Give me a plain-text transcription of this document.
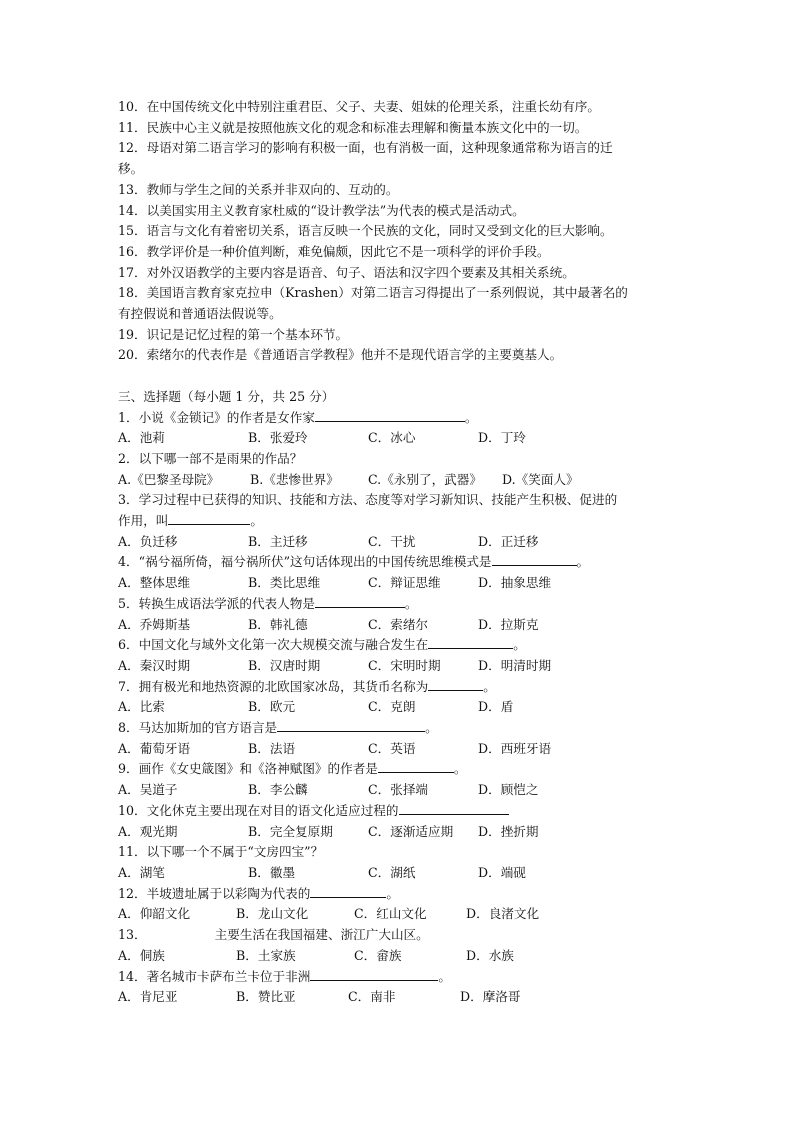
10．在中国传统文化中特别注重君臣、父子、夫妻、姐妹的伦理关系，注重长幼有序。
11．民族中心主义就是按照他族文化的观念和标准去理解和衡量本族文化中的一切。
12．母语对第二语言学习的影响有积极一面，也有消极一面，这种现象通常称为语言的迁
移。
13．教师与学生之间的关系并非双向的、互动的。
14．以美国实用主义教育家杜威的“设计教学法”为代表的模式是活动式。
15．语言与文化有着密切关系，语言反映一个民族的文化，同时又受到文化的巨大影响。
16．教学评价是一种价值判断，难免偏颇，因此它不是一项科学的评价手段。
17．对外汉语教学的主要内容是语音、句子、语法和汉字四个要素及其相关系统。
18．美国语言教育家克拉申（Krashen）对第二语言习得提出了一系列假说，其中最著名的
有控假说和普通语法假说等。
19．识记是记忆过程的第一个基本环节。
20．索绪尔的代表作是《普通语言学教程》他并不是现代语言学的主要奠基人。
三、选择题（每小题 1 分，共 25 分）
1．小说《金锁记》的作者是女作家	。
A．池莉	B．张爱玲	C．冰心	D．丁玲
2．以下哪一部不是雨果的作品？
A.《巴黎圣母院》	B.《悲惨世界》	C.《永别了，武器》	D.《笑面人》
3．学习过程中已获得的知识、技能和方法、态度等对学习新知识、技能产生积极、促进的
作用，叫	。
A．负迁移	B．主迁移	C．干扰	D．正迁移
4．“祸兮福所倚，福兮祸所伏”这句话体现出的中国传统思维模式是	。
A．整体思维	B．类比思维	C．辩证思维	D．抽象思维
5．转换生成语法学派的代表人物是	。
A．乔姆斯基	B．韩礼德	C．索绪尔	D．拉斯克
6．中国文化与域外文化第一次大规模交流与融合发生在	。
A．秦汉时期	B．汉唐时期	C．宋明时期	D．明清时期
7．拥有极光和地热资源的北欧国家冰岛，其货币名称为	。
A．比索	B．欧元	C．克朗	D．盾
8．马达加斯加的官方语言是	。
A．葡萄牙语	B．法语	C．英语	D．西班牙语
9．画作《女史箴图》和《洛神赋图》的作者是	。
A．吴道子	B．李公麟	C．张择端	D．顾恺之
10．文化休克主要出现在对目的语文化适应过程的
A．观光期	B．完全复原期	C．逐渐适应期	D．挫折期
11．以下哪一个不属于“文房四宝”？
A．湖笔	B．徽墨	C．湖纸	D．端砚
12．半坡遗址属于以彩陶为代表的	。
A．仰韶文化	B．龙山文化	C．红山文化	D．良渚文化
13．	主要生活在我国福建、浙江广大山区。
A．侗族	B．土家族	C．畲族	D．水族
14．著名城市卡萨布兰卡位于非洲	。
A．肯尼亚	B．赞比亚	C．南非	D．摩洛哥
